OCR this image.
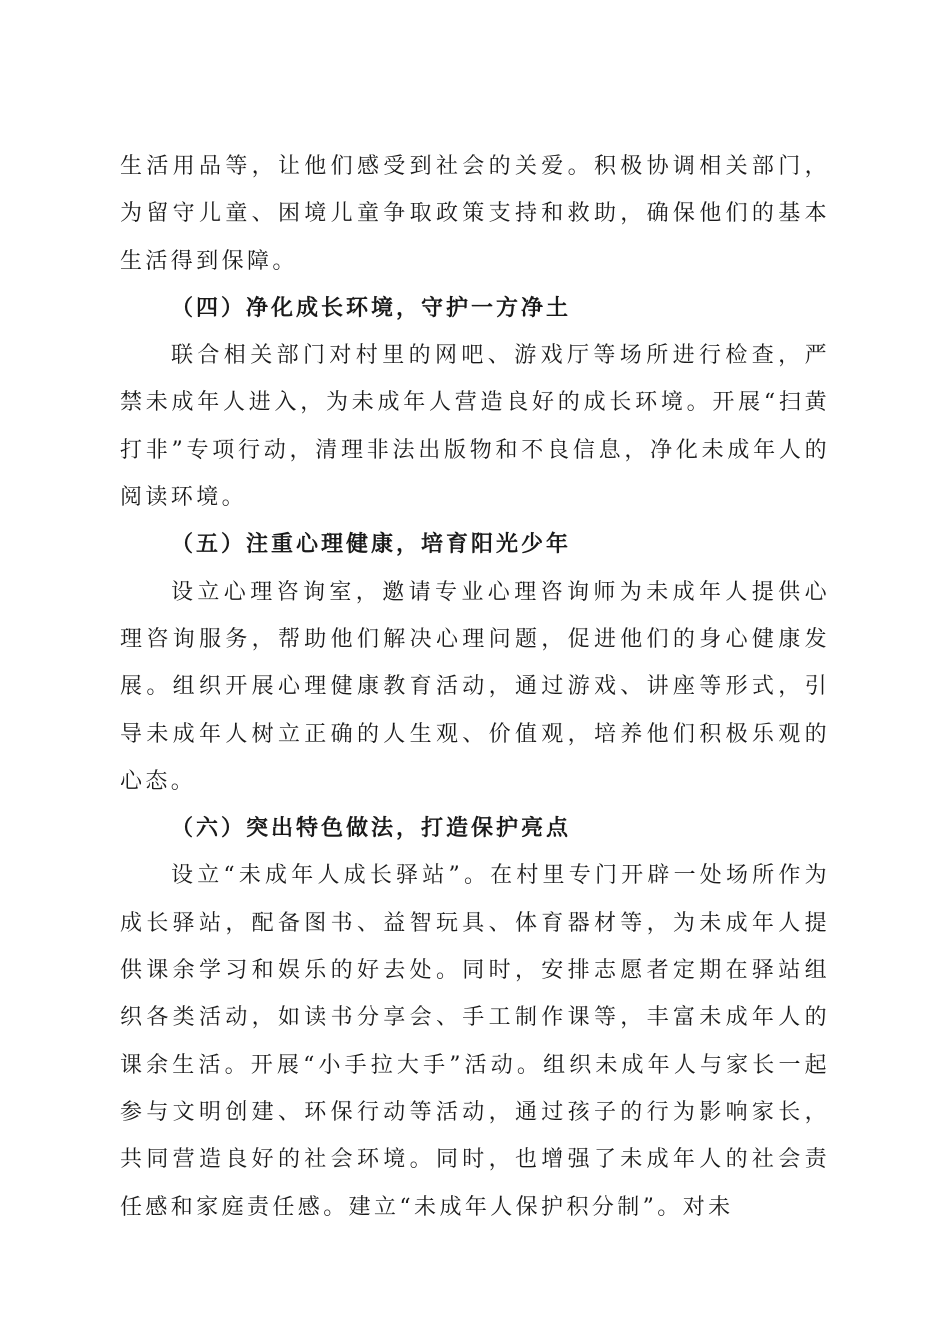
生活用品等，让他们感受到社会的关爱。积极协调相关部门，为留守儿童、困境儿童争取政策支持和救助，确保他们的基本生活得到保障。

（四）净化成长环境，守护一方净土

联合相关部门对村里的网吧、游戏厅等场所进行检查，严禁未成年人进入，为未成年人营造良好的成长环境。开展“扫黄打非”专项行动，清理非法出版物和不良信息，净化未成年人的阅读环境。

（五）注重心理健康，培育阳光少年

设立心理咨询室，邀请专业心理咨询师为未成年人提供心理咨询服务，帮助他们解决心理问题，促进他们的身心健康发展。组织开展心理健康教育活动，通过游戏、讲座等形式，引导未成年人树立正确的人生观、价值观，培养他们积极乐观的心态。

（六）突出特色做法，打造保护亮点

设立“未成年人成长驿站”。在村里专门开辟一处场所作为成长驿站，配备图书、益智玩具、体育器材等，为未成年人提供课余学习和娱乐的好去处。同时，安排志愿者定期在驿站组织各类活动，如读书分享会、手工制作课等，丰富未成年人的课余生活。开展“小手拉大手”活动。组织未成年人与家长一起参与文明创建、环保行动等活动，通过孩子的行为影响家长，共同营造良好的社会环境。同时，也增强了未成年人的社会责任感和家庭责任感。建立“未成年人保护积分制”。对未
